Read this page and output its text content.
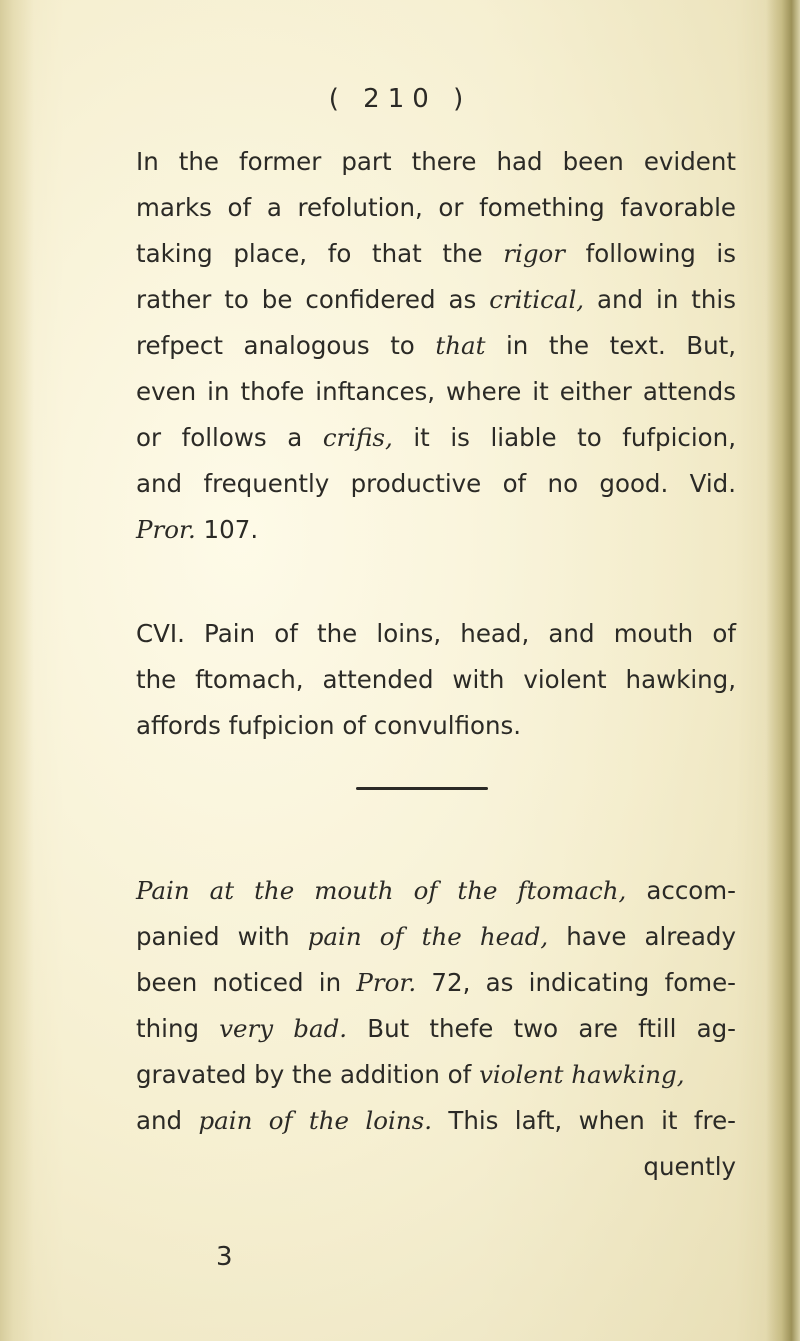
( 210 )
In the former part there had been evident
marks of a refolution, or fomething favorable
taking place, fo that the rigor following is
rather to be confidered as critical, and in this
refpect analogous to that in the text. But,
even in thofe inftances, where it either attends
or follows a crifis, it is liable to fufpicion,
and frequently productive of no good. Vid.
Pror. 107.
CVI. Pain of the loins, head, and mouth of
the ftomach, attended with violent hawking,
affords fufpicion of convulfions.
Pain at the mouth of the ftomach, accom-
panied with pain of the head, have already
been noticed in Pror. 72, as indicating fome-
thing very bad. But thefe two are ftill ag-
gravated by the addition of violent hawking,
and pain of the loins. This laft, when it fre-
quently
3
